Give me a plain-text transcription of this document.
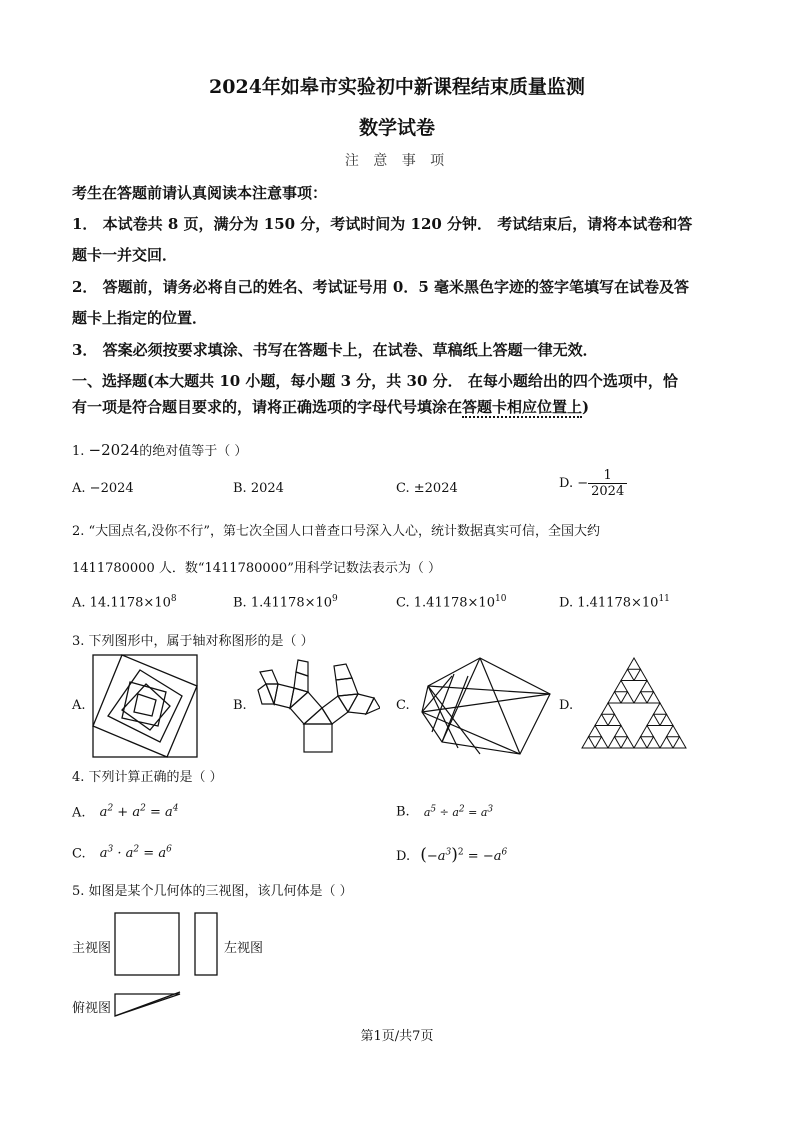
2024年如皋市实验初中新课程结束质量监测
数学试卷
注 意 事 项
考生在答题前请认真阅读本注意事项：
1． 本试卷共 8 页，满分为 150 分，考试时间为 120 分钟． 考试结束后，请将本试卷和答
题卡一并交回．
2． 答题前，请务必将自己的姓名、考试证号用 0．5 毫米黑色字迹的签字笔填写在试卷及答
题卡上指定的位置．
3． 答案必须按要求填涂、书写在答题卡上，在试卷、草稿纸上答题一律无效．
一、选择题(本大题共 10 小题，每小题 3 分，共 30 分． 在每小题给出的四个选项中，恰
有一项是符合题目要求的，请将正确选项的字母代号填涂在答题卡相应位置上)
1. −2024的绝对值等于（ ）
A. −2024	B. 2024	C. ±2024	D. − $\frac{1}{2024}$
2. “大国点名,没你不行”，第七次全国人口普查口号深入人心，统计数据真实可信，全国大约
1411780000 人．数“1411780000”用科学记数法表示为（ ）
A. $14.1178\times 10^8$	B. $1.41178\times 10^9$	C. $1.41178\times 10^{10}$	D. $1.41178\times 10^{11}$
3. 下列图形中，属于轴对称图形的是（ ）
A.	B.	C.	D.
4. 下列计算正确的是（ ）
A. $a^2 + a^2 = a^4$	B. $a^5 \div a^2 = a^3$
C. $a^3 \cdot a^2 = a^6$	D. $(-a^3)^2 = -a^6$
5. 如图是某个几何体的三视图，该几何体是（ ）
主视图	左视图
俯视图
第1页/共7页
